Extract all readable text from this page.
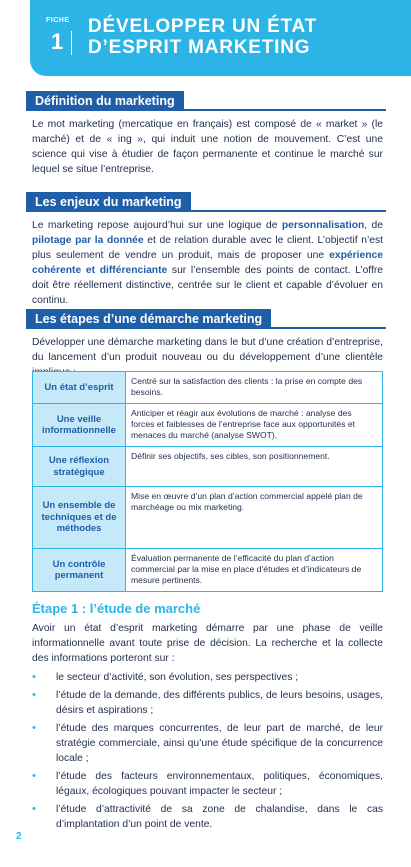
FICHE
1
DÉVELOPPER UN ÉTAT
D’ESPRIT MARKETING
Définition du marketing

Le mot marketing (mercatique en français) est composé de « market » (le marché) et de « ing », qui induit une notion de mouvement. C’est une science qui vise à étudier de façon permanente et continue le marché sur lequel se situe l’entreprise.

Les enjeux du marketing

Le marketing repose aujourd’hui sur une logique de personnalisation, de pilotage par la donnée et de relation durable avec le client. L’objectif n’est plus seulement de vendre un produit, mais de proposer une expérience cohérente et différenciante sur l’ensemble des points de contact. L’offre doit être réellement distinctive, centrée sur le client et capable d’évoluer en continu.

Les étapes d’une démarche marketing

Développer une démarche marketing dans le but d’une création d’entreprise, du lancement d’un produit nouveau ou du développement d’une clientèle

Un état d’esprit
Centré sur la satisfaction des clients : la prise en compte des besoins.
Une veille informationnelle
Anticiper et réagir aux évolutions de marché : analyse des forces et faiblesses de l’entreprise face aux opportunités et menaces du marché (analyse SWOT).
Une réflexion stratégique
Définir ses objectifs, ses cibles, son positionnement.
Un ensemble de techniques et de méthodes
Mise en œuvre d’un plan d’action commercial appelé plan de marchéage ou mix marketing.
Un contrôle permanent
Évaluation permanente de l’efficacité du plan d’action commercial par la mise en place d’études et d’indicateurs de mesure pertinents.
Étape 1 : l’étude de marché

Avoir un état d’esprit marketing démarre par une phase de veille informationnelle avant toute prise de décision. La recherche et la collecte des informations porteront sur :

• le secteur d’activité, son évolution, ses perspectives ;
• l’étude de la demande, des différents publics, de leurs besoins, usages, désirs et aspirations ;
• l’étude des marques concurrentes, de leur part de marché, de leur stratégie commerciale, ainsi qu’une étude spécifique de la concurrence locale ;
• l’étude des facteurs environnementaux, politiques, économiques, légaux, écologiques pouvant impacter le secteur ;
• l’étude d’attractivité de sa zone de chalandise, dans le cas d’implantation d’un point de vente.
2
